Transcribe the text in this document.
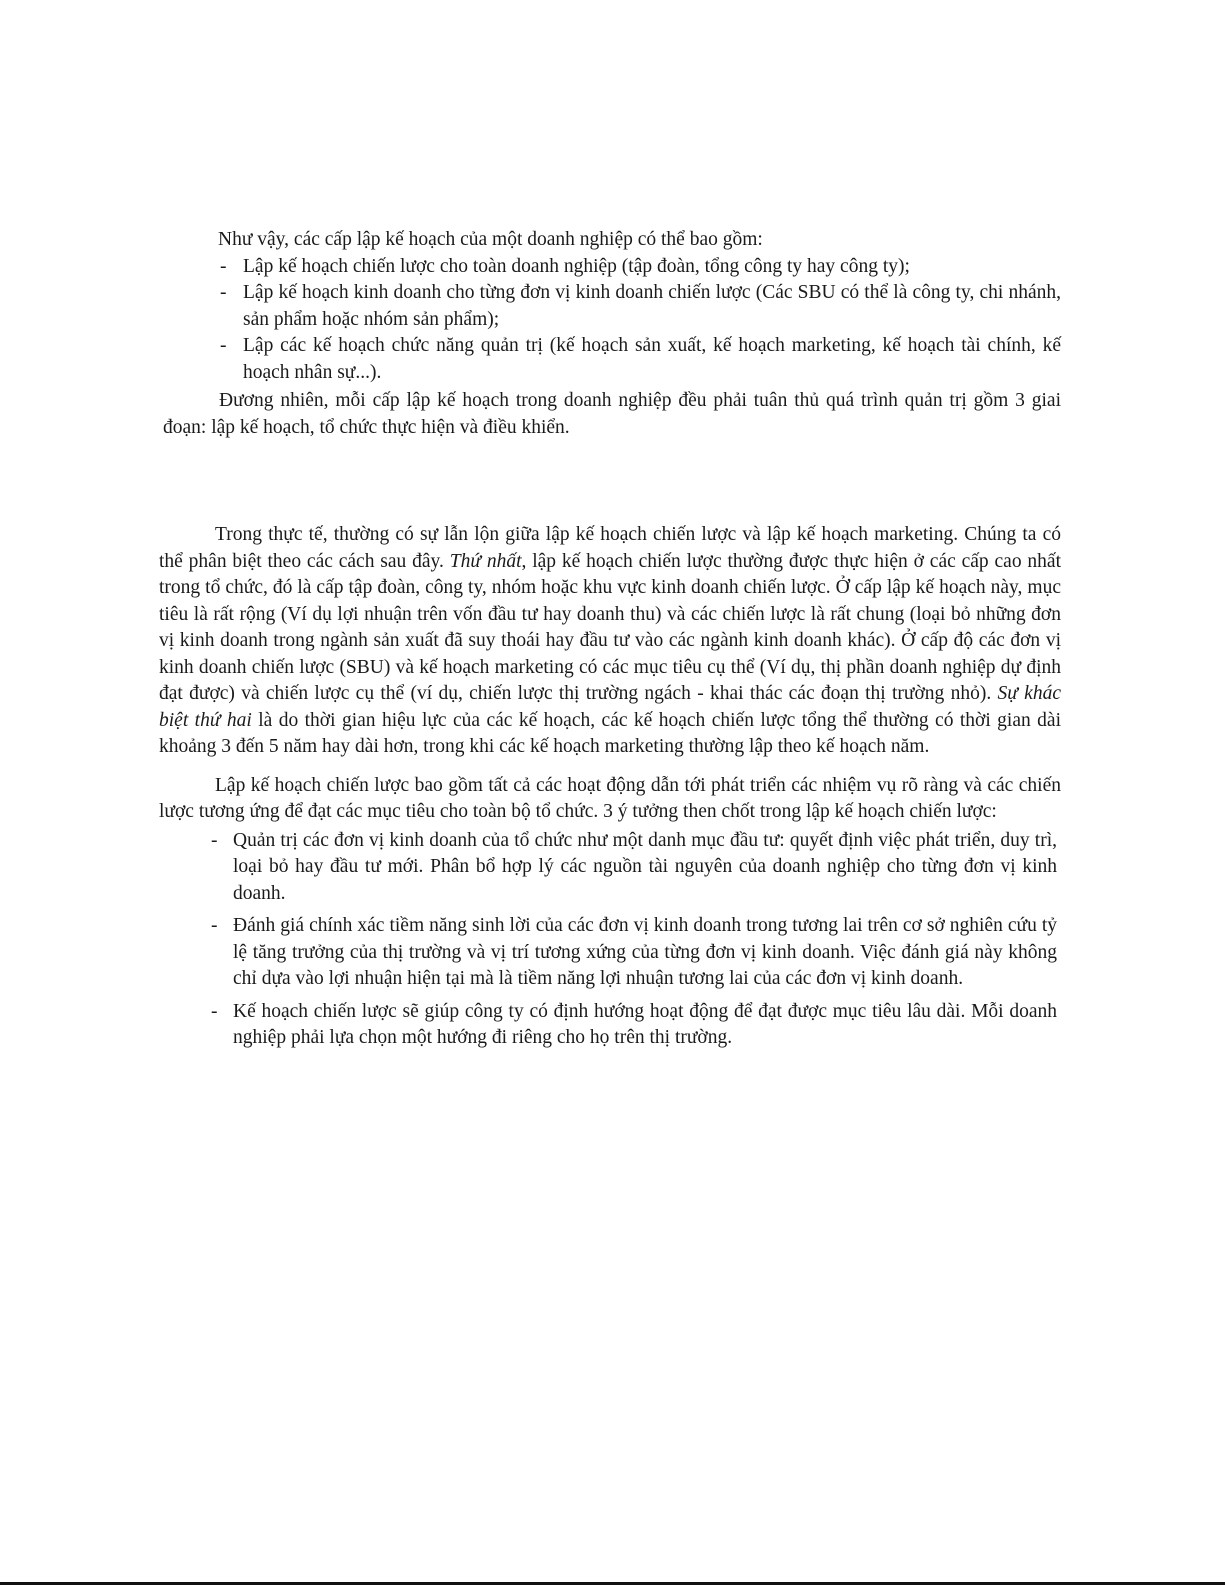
Như vậy, các cấp lập kế hoạch của một doanh nghiệp có thể bao gồm:

- Lập kế hoạch chiến lược cho toàn doanh nghiệp (tập đoàn, tổng công ty hay công ty);
- Lập kế hoạch kinh doanh cho từng đơn vị kinh doanh chiến lược (Các SBU có thể là công ty, chi nhánh, sản phẩm hoặc nhóm sản phẩm);
- Lập các kế hoạch chức năng quản trị (kế hoạch sản xuất, kế hoạch marketing, kế hoạch tài chính, kế hoạch nhân sự...).

Đương nhiên, mỗi cấp lập kế hoạch trong doanh nghiệp đều phải tuân thủ quá trình quản trị gồm 3 giai đoạn: lập kế hoạch, tổ chức thực hiện và điều khiển.

Trong thực tế, thường có sự lẫn lộn giữa lập kế hoạch chiến lược và lập kế hoạch marketing. Chúng ta có thể phân biệt theo các cách sau đây. Thứ nhất, lập kế hoạch chiến lược thường được thực hiện ở các cấp cao nhất trong tổ chức, đó là cấp tập đoàn, công ty, nhóm hoặc khu vực kinh doanh chiến lược. Ở cấp lập kế hoạch này, mục tiêu là rất rộng (Ví dụ lợi nhuận trên vốn đầu tư hay doanh thu) và các chiến lược là rất chung (loại bỏ những đơn vị kinh doanh trong ngành sản xuất đã suy thoái hay đầu tư vào các ngành kinh doanh khác). Ở cấp độ các đơn vị kinh doanh chiến lược (SBU) và kế hoạch marketing có các mục tiêu cụ thể (Ví dụ, thị phần doanh nghiệp dự định đạt được) và chiến lược cụ thể (ví dụ, chiến lược thị trường ngách - khai thác các đoạn thị trường nhỏ). Sự khác biệt thứ hai là do thời gian hiệu lực của các kế hoạch, các kế hoạch chiến lược tổng thể thường có thời gian dài khoảng 3 đến 5 năm hay dài hơn, trong khi các kế hoạch marketing thường lập theo kế hoạch năm.

Lập kế hoạch chiến lược bao gồm tất cả các hoạt động dẫn tới phát triển các nhiệm vụ rõ ràng và các chiến lược tương ứng để đạt các mục tiêu cho toàn bộ tổ chức. 3 ý tưởng then chốt trong lập kế hoạch chiến lược:

- Quản trị các đơn vị kinh doanh của tổ chức như một danh mục đầu tư: quyết định việc phát triển, duy trì, loại bỏ hay đầu tư mới. Phân bổ hợp lý các nguồn tài nguyên của doanh nghiệp cho từng đơn vị kinh doanh.
- Đánh giá chính xác tiềm năng sinh lời của các đơn vị kinh doanh trong tương lai trên cơ sở nghiên cứu tỷ lệ tăng trưởng của thị trường và vị trí tương xứng của từng đơn vị kinh doanh. Việc đánh giá này không chỉ dựa vào lợi nhuận hiện tại mà là tiềm năng lợi nhuận tương lai của các đơn vị kinh doanh.
- Kế hoạch chiến lược sẽ giúp công ty có định hướng hoạt động để đạt được mục tiêu lâu dài. Mỗi doanh nghiệp phải lựa chọn một hướng đi riêng cho họ trên thị trường.
